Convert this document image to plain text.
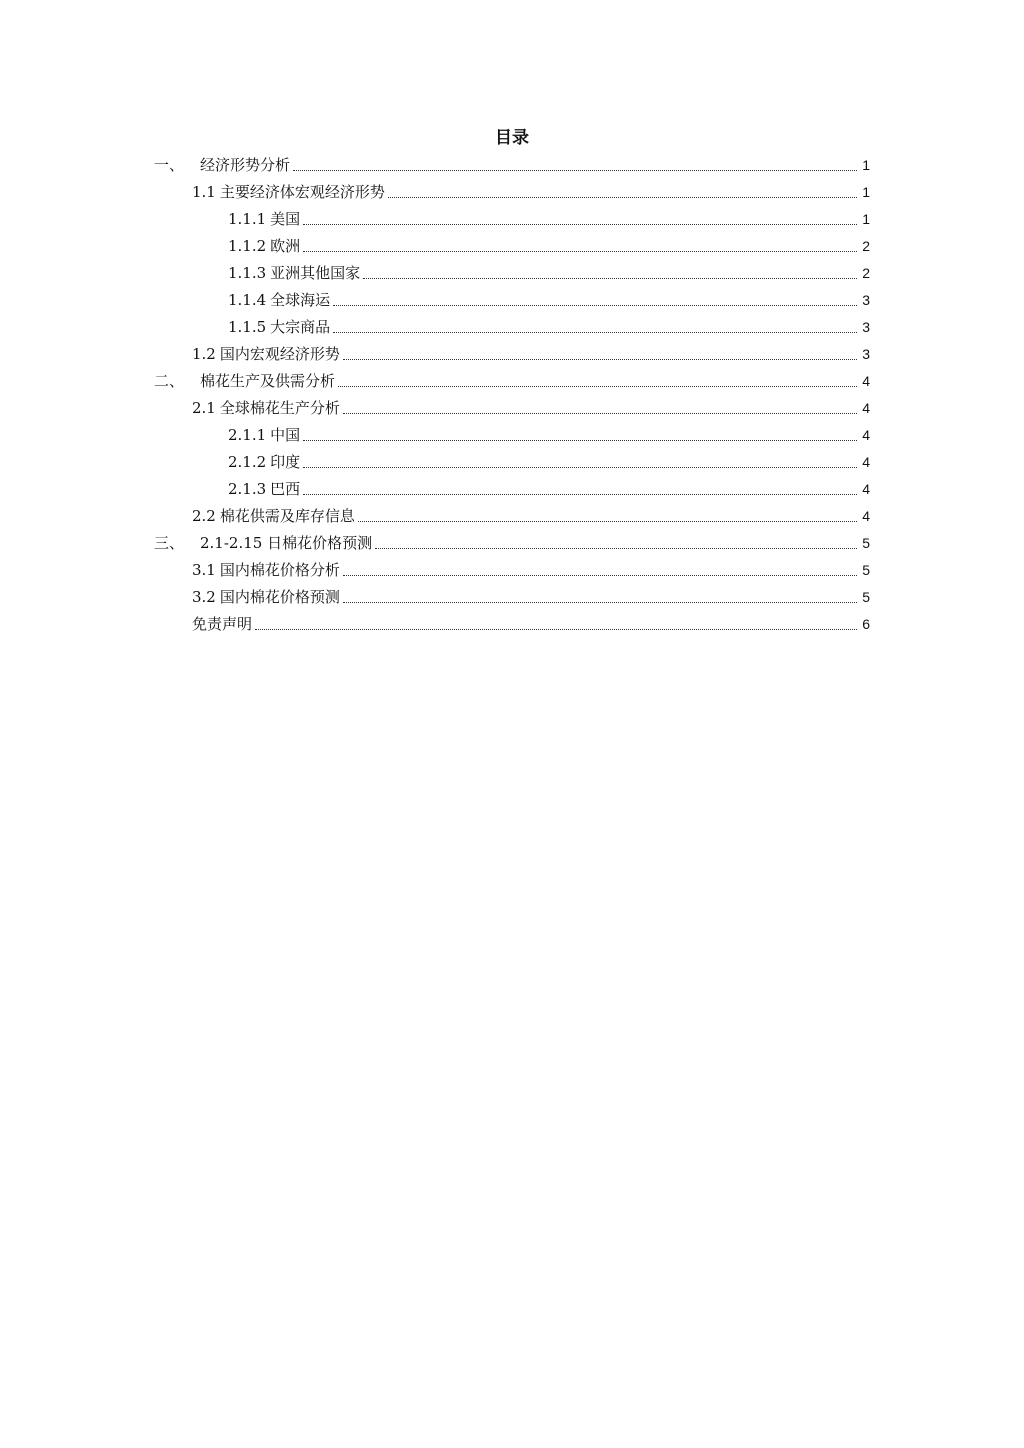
目录
一、	经济形势分析	1
1.1 主要经济体宏观经济形势	1
1.1.1 美国	1
1.1.2 欧洲	2
1.1.3 亚洲其他国家	2
1.1.4 全球海运	3
1.1.5 大宗商品	3
1.2 国内宏观经济形势	3
二、	棉花生产及供需分析	4
2.1 全球棉花生产分析	4
2.1.1 中国	4
2.1.2 印度	4
2.1.3 巴西	4
2.2 棉花供需及库存信息	4
三、	2.1-2.15 日棉花价格预测	5
3.1 国内棉花价格分析	5
3.2 国内棉花价格预测	5
免责声明	6
